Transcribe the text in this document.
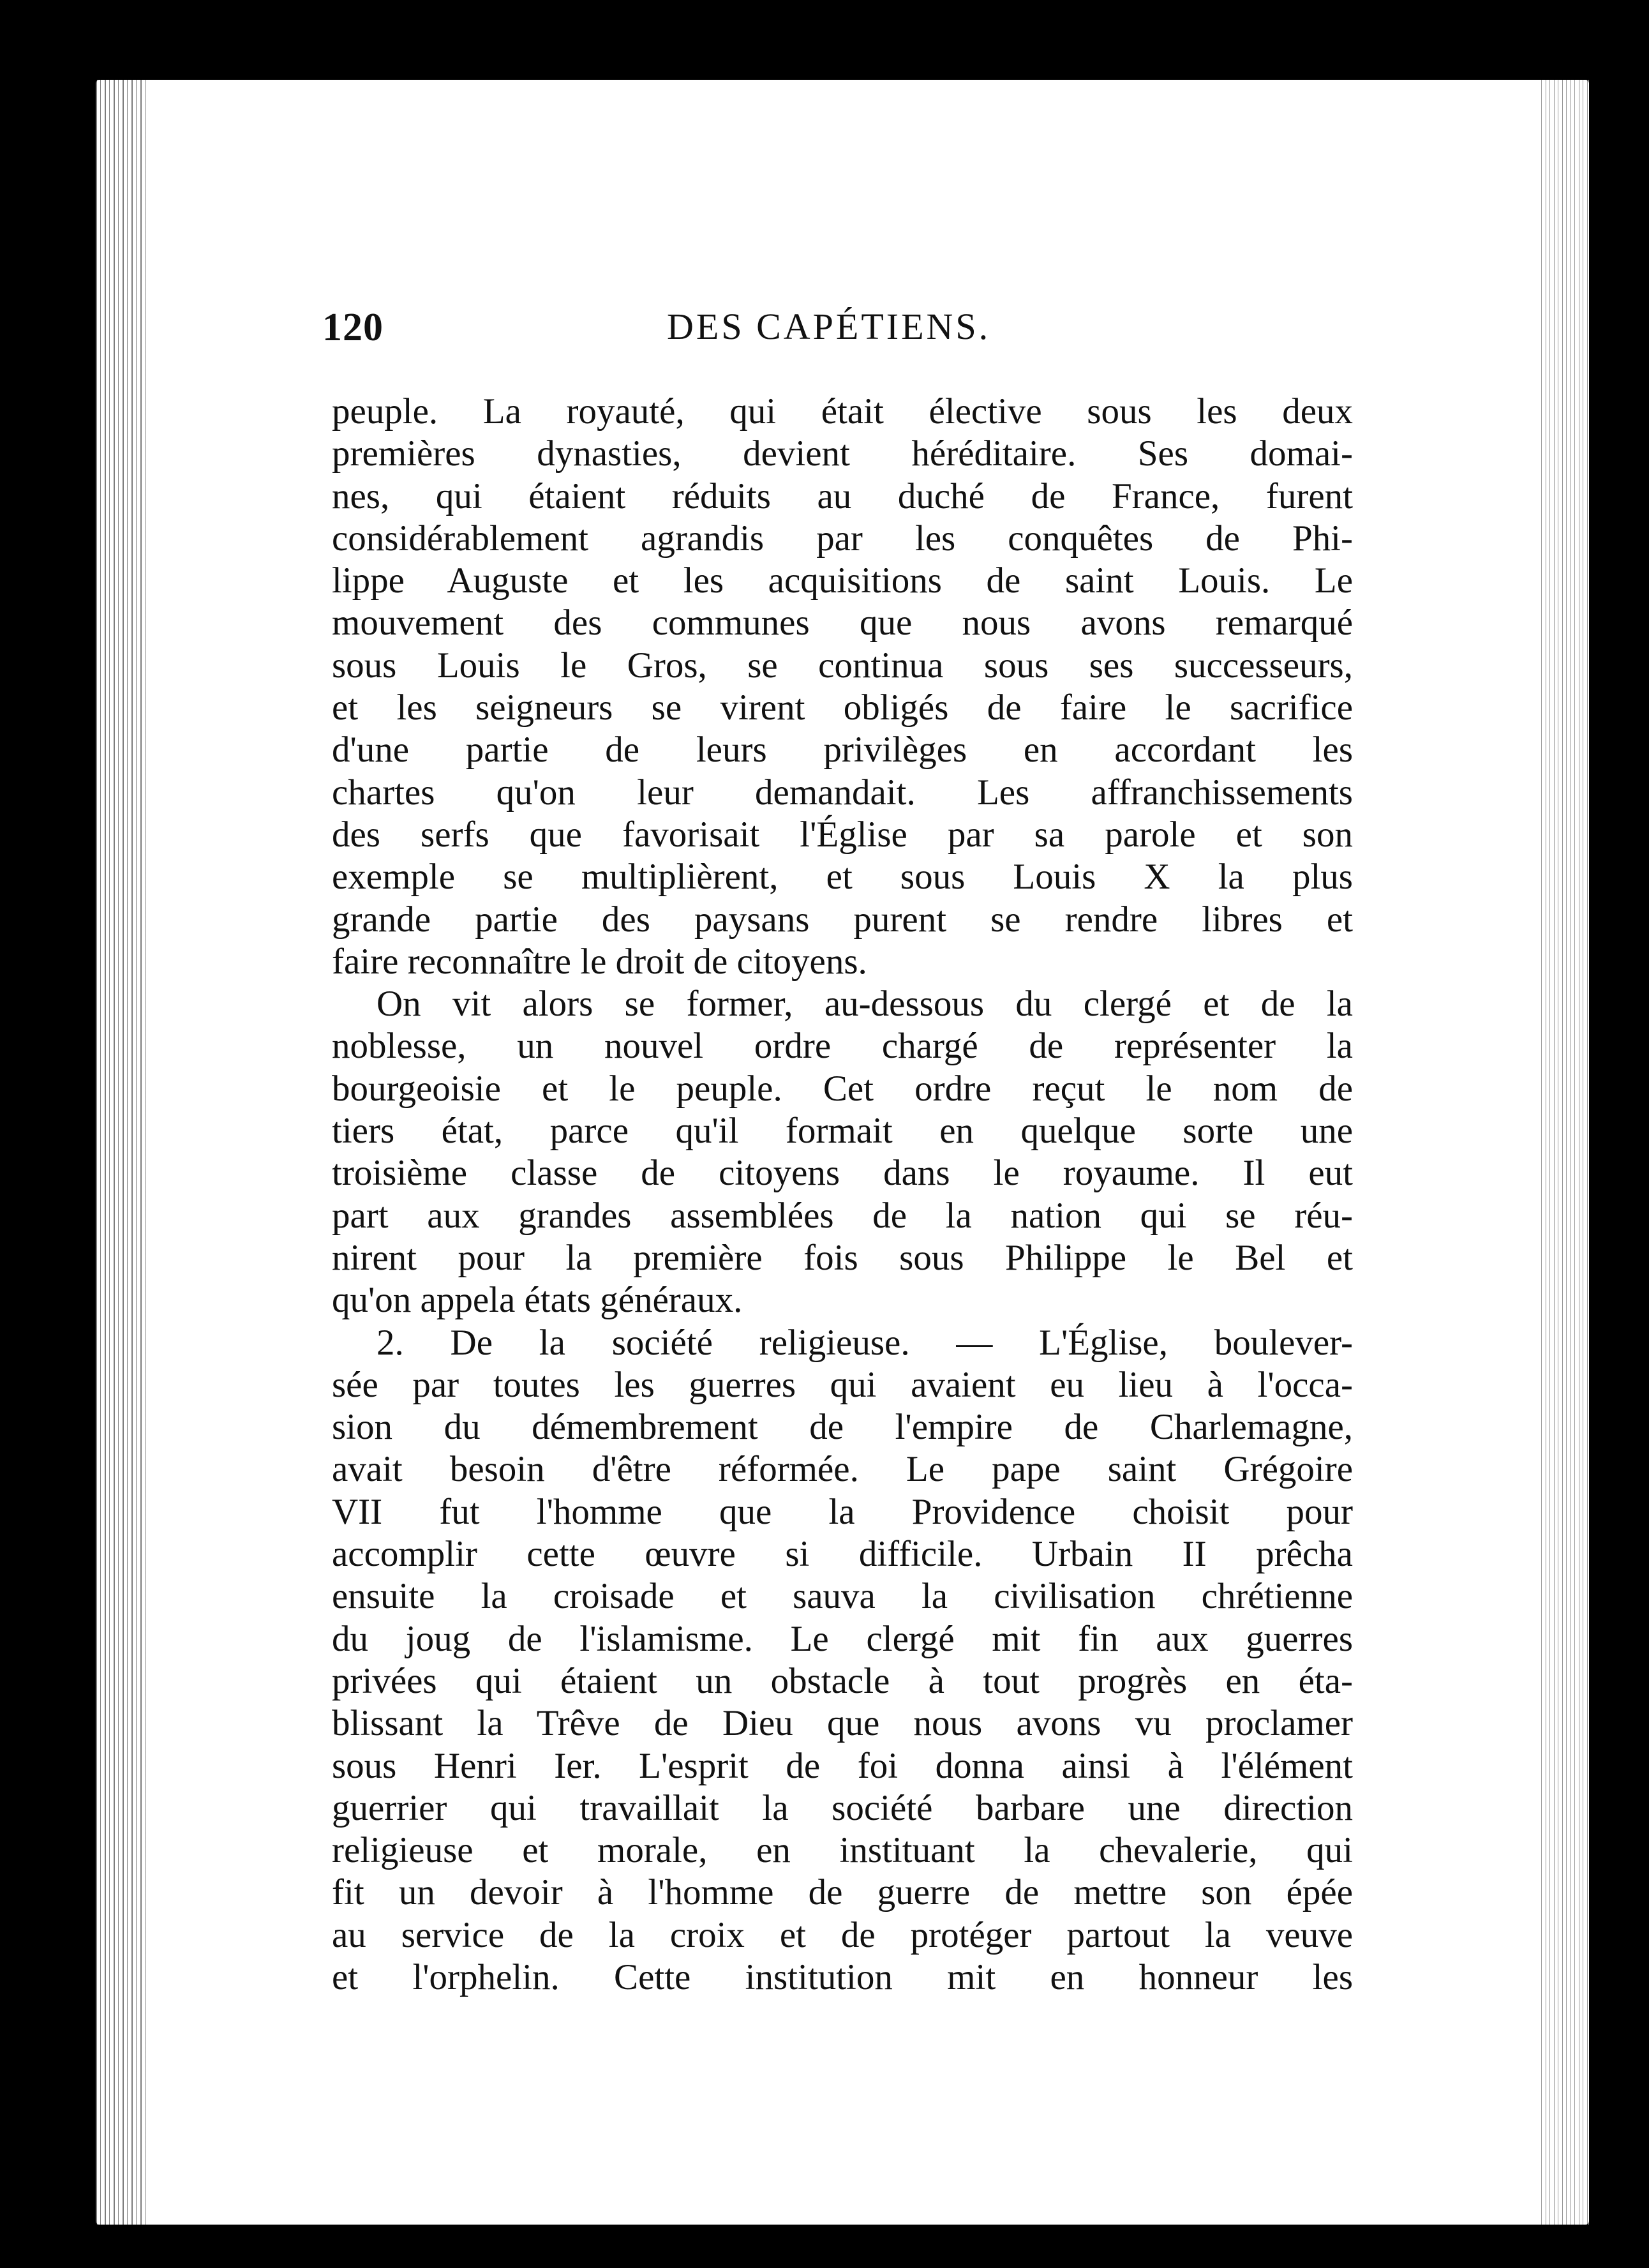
120	DES CAPÉTIENS.
peuple. La royauté, qui était élective sous les deux
premières dynasties, devient héréditaire. Ses domai-
nes, qui étaient réduits au duché de France, furent
considérablement agrandis par les conquêtes de Phi-
lippe Auguste et les acquisitions de saint Louis. Le
mouvement des communes que nous avons remarqué
sous Louis le Gros, se continua sous ses successeurs,
et les seigneurs se virent obligés de faire le sacrifice
d'une partie de leurs privilèges en accordant les
chartes qu'on leur demandait. Les affranchissements
des serfs que favorisait l'Église par sa parole et son
exemple se multiplièrent, et sous Louis X la plus
grande partie des paysans purent se rendre libres et
faire reconnaître le droit de citoyens.
On vit alors se former, au-dessous du clergé et de la
noblesse, un nouvel ordre chargé de représenter la
bourgeoisie et le peuple. Cet ordre reçut le nom de
tiers état, parce qu'il formait en quelque sorte une
troisième classe de citoyens dans le royaume. Il eut
part aux grandes assemblées de la nation qui se réu-
nirent pour la première fois sous Philippe le Bel et
qu'on appela états généraux.
2. De la société religieuse. — L'Église, boulever-
sée par toutes les guerres qui avaient eu lieu à l'occa-
sion du démembrement de l'empire de Charlemagne,
avait besoin d'être réformée. Le pape saint Grégoire
VII fut l'homme que la Providence choisit pour
accomplir cette œuvre si difficile. Urbain II prêcha
ensuite la croisade et sauva la civilisation chrétienne
du joug de l'islamisme. Le clergé mit fin aux guerres
privées qui étaient un obstacle à tout progrès en éta-
blissant la Trêve de Dieu que nous avons vu proclamer
sous Henri Ier. L'esprit de foi donna ainsi à l'élément
guerrier qui travaillait la société barbare une direction
religieuse et morale, en instituant la chevalerie, qui
fit un devoir à l'homme de guerre de mettre son épée
au service de la croix et de protéger partout la veuve
et l'orphelin. Cette institution mit en honneur les
